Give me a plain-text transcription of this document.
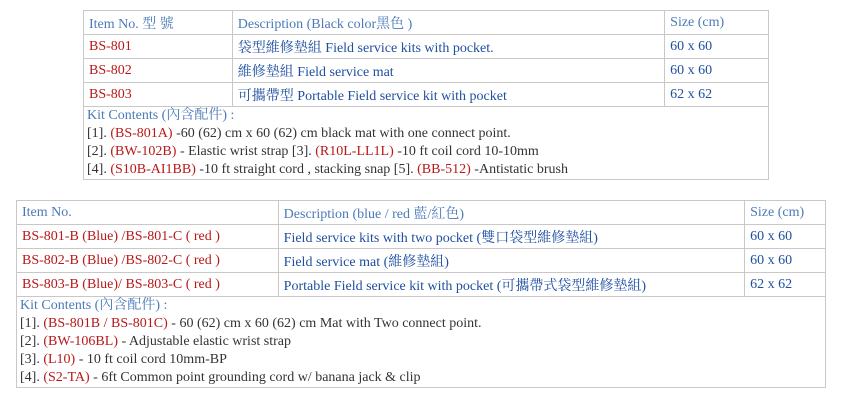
Item No. 型 號	Description (Black color黑色 )	Size (cm)
BS-801	袋型維修墊組 Field service kits with pocket.	60 x 60
BS-802	維修墊組 Field service mat	60 x 60
BS-803	可攜帶型 Portable Field service kit with pocket	62 x 62

Kit Contents (內含配件) :
[1]. (BS-801A) -60 (62) cm x 60 (62) cm black mat with one connect point.
[2]. (BW-102B) - Elastic wrist strap [3]. (R10L-LL1L) -10 ft coil cord 10-10mm
[4]. (S10B-AI1BB) -10 ft straight cord , stacking snap [5]. (BB-512) -Antistatic brush		
Item No.	Description (blue / red 藍/紅色)	Size (cm)
BS-801-B (Blue) /BS-801-C ( red )	Field service kits with two pocket (雙口袋型維修墊組)	60 x 60
BS-802-B (Blue) /BS-802-C ( red )	Field service mat (維修墊組)	60 x 60
BS-803-B (Blue)/ BS-803-C ( red )	Portable Field service kit with pocket (可攜帶式袋型維修墊組)	62 x 62

Kit Contents (內含配件) :
[1]. (BS-801B / BS-801C) - 60 (62) cm x 60 (62) cm Mat with Two connect point.
[2]. (BW-106BL) - Adjustable elastic wrist strap
[3]. (L10) - 10 ft coil cord 10mm-BP
[4]. (S2-TA) - 6ft Common point grounding cord w/ banana jack & clip		
